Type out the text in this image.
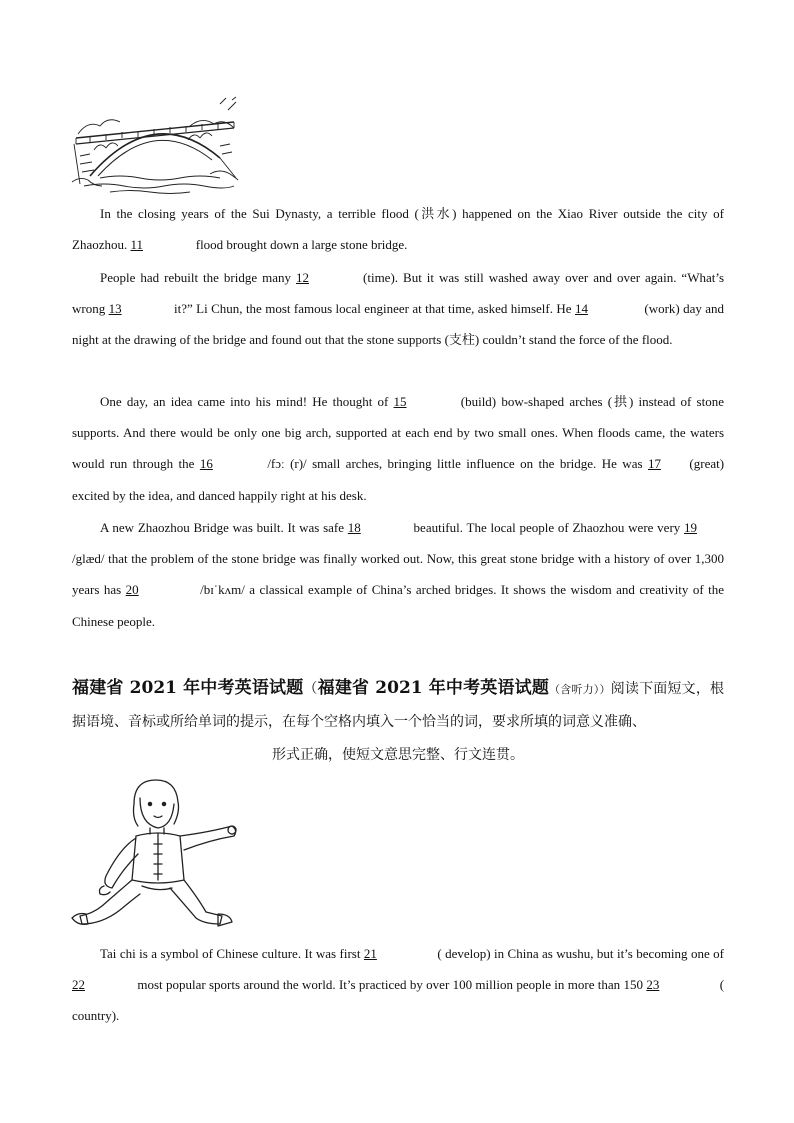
In the closing years of the Sui Dynasty, a terrible flood (洪水) happened on the Xiao River outside the city of Zhaozhou. 11	flood brought down a large stone bridge.

People had rebuilt the bridge many 12	(time). But it was still washed away over and over again. “What’s wrong 13	it?” Li Chun, the most famous local engineer at that time, asked himself. He 14	(work) day and night at the drawing of the bridge and found out that the stone supports (支柱) couldn’t stand the force of the flood.

One day, an idea came into his mind! He thought of 15	(build) bow-shaped arches (拱) instead of stone supports. And there would be only one big arch, supported at each end by two small ones. When floods came, the waters would run through the 16	/fɔː (r)/ small arches, bringing little influence on the bridge. He was 17 (great) excited by the idea, and danced happily right at his desk.

A new Zhaozhou Bridge was built. It was safe 18	beautiful. The local people of Zhaozhou were very 19 /glæd/ that the problem of the stone bridge was finally worked out. Now, this great stone bridge with a history of over 1,300 years has 20	/bɪˈkʌm/ a classical example of China’s arched bridges. It shows the wisdom and creativity of the Chinese people.

福建省 2021 年中考英语试题（福建省 2021 年中考英语试题（含听力））阅读下面短文，根据语境、音标或所给单词的提示，在每个空格内填入一个恰当的词，要求所填的词意义准确、

形式正确，使短文意思完整、行文连贯。

Tai chi is a symbol of Chinese culture. It was first 21	( develop) in China as wushu, but it’s becoming one of 22	most popular sports around the world. It’s practiced by over 100 million people in more than 150 23	( country).
